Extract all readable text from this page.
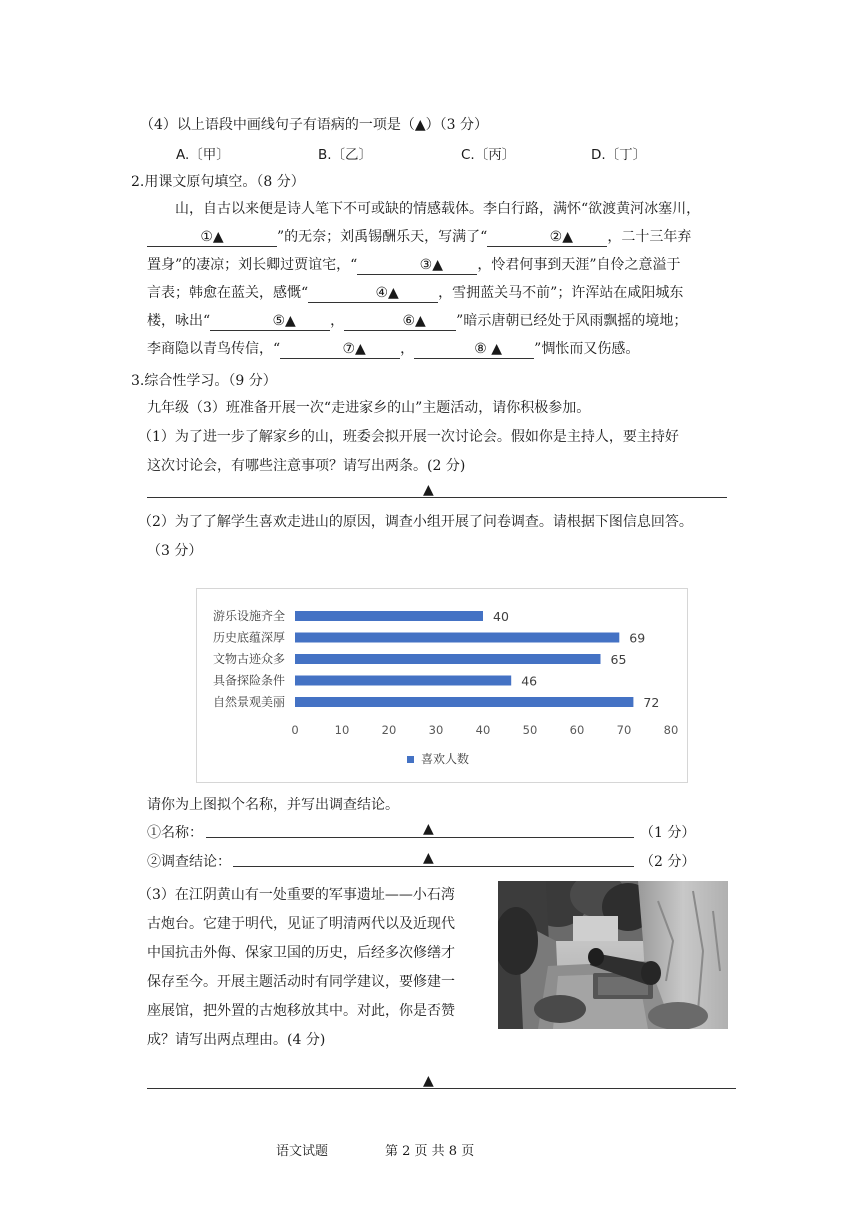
（4）以上语段中画线句子有语病的一项是（▲）（3 分）
A.〔甲〕	B.〔乙〕	C.〔丙〕	D.〔丁〕
2.用课文原句填空。（8 分）
山，自古以来便是诗人笔下不可或缺的情感载体。李白行路，满怀“欲渡黄河冰塞川，
①▲	”的无奈；刘禹锡酬乐天，写满了“	②▲ ，二十三年弃
置身”的凄凉；刘长卿过贾谊宅，“	③▲ ，怜君何事到天涯”自伶之意溢于
言表；韩愈在蓝关，感慨“	④▲	，雪拥蓝关马不前”；许浑站在咸阳城东
楼，咏出“	⑤▲ ，	⑥▲ ”暗示唐朝已经处于风雨飘摇的境地；
李商隐以青鸟传信，“	⑦▲ ，	⑧ ▲ ”惆怅而又伤感。
3.综合性学习。（9 分）
九年级（3）班准备开展一次“走进家乡的山”主题活动，请你积极参加。
（1）为了进一步了解家乡的山，班委会拟开展一次讨论会。假如你是主持人，要主持好
这次讨论会，有哪些注意事项？请写出两条。(2 分)
▲
（2）为了了解学生喜欢走进山的原因，调查小组开展了问卷调查。请根据下图信息回答。
（3 分）
游乐设施齐全	40
历史底蕴深厚	69
文物古迹众多	65
具备探险条件	46
自然景观美丽	72
0	10	20	30	40	50	60	70	80
喜欢人数
请你为上图拟个名称，并写出调查结论。
①名称：	▲	（1 分）
②调查结论：	▲	（2 分）
（3）在江阴黄山有一处重要的军事遗址——小石湾
古炮台。它建于明代，见证了明清两代以及近现代
中国抗击外侮、保家卫国的历史，后经多次修缮才
保存至今。开展主题活动时有同学建议，要修建一
座展馆，把外置的古炮移放其中。对此，你是否赞
成？请写出两点理由。(4 分)
▲
语文试题	第 2 页 共 8 页
